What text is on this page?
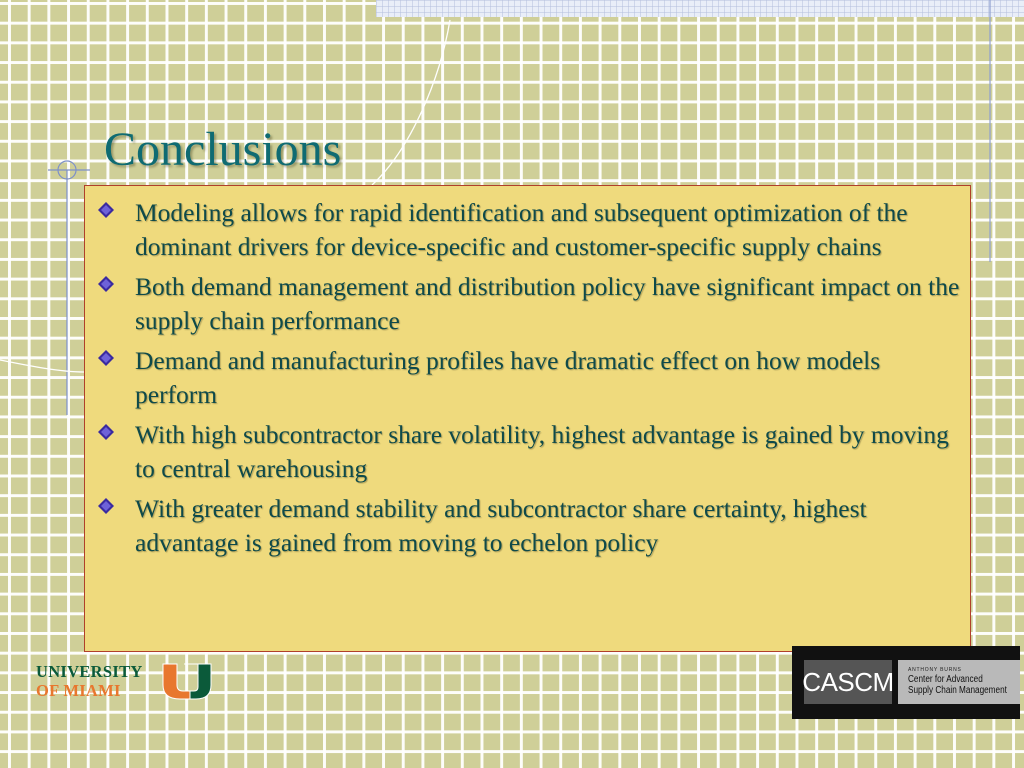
Conclusions
Modeling allows for rapid identification and subsequent optimization of the dominant drivers for device-specific and customer-specific supply chains
Both demand management and distribution policy have significant impact on the supply chain performance
Demand and manufacturing profiles have dramatic effect on how models perform
With high subcontractor share volatility, highest advantage is gained by moving to central warehousing
With greater demand stability and subcontractor share certainty, highest advantage is gained from moving to echelon policy
UNIVERSITY
OF MIAMI	CASCM	ANTHONY BURNS
Center for Advanced
Supply Chain Management
